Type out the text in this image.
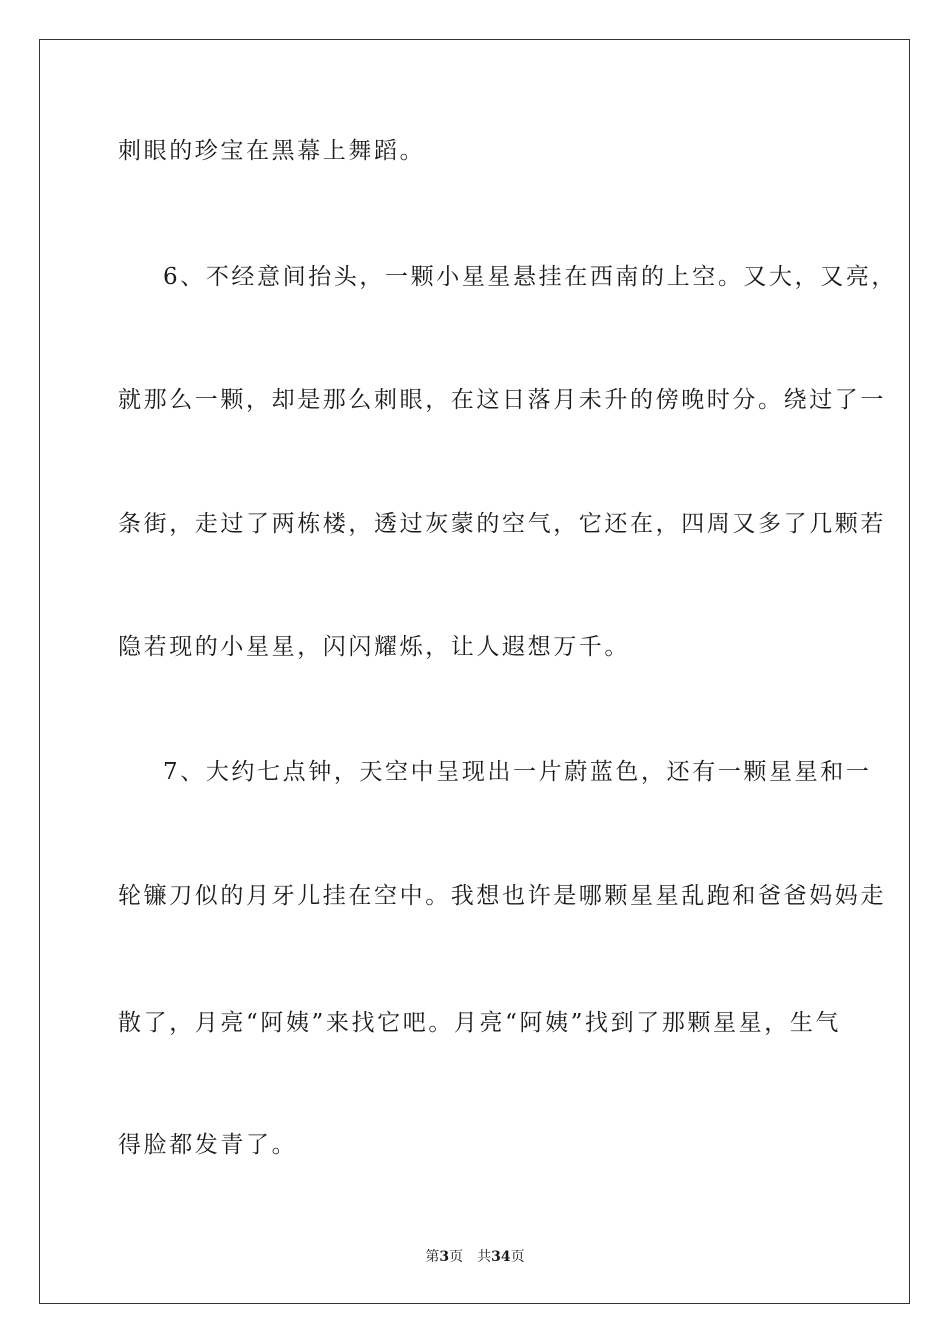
刺眼的珍宝在黑幕上舞蹈。
6、不经意间抬头，一颗小星星悬挂在西南的上空。又大，又亮，
就那么一颗，却是那么刺眼，在这日落月未升的傍晚时分。绕过了一
条街，走过了两栋楼，透过灰蒙的空气，它还在，四周又多了几颗若
隐若现的小星星，闪闪耀烁，让人遐想万千。
7、大约七点钟，天空中呈现出一片蔚蓝色，还有一颗星星和一
轮镰刀似的月牙儿挂在空中。我想也许是哪颗星星乱跑和爸爸妈妈走
散了，月亮“阿姨”来找它吧。月亮“阿姨”找到了那颗星星，生气
得脸都发青了。
第3页 共34页
